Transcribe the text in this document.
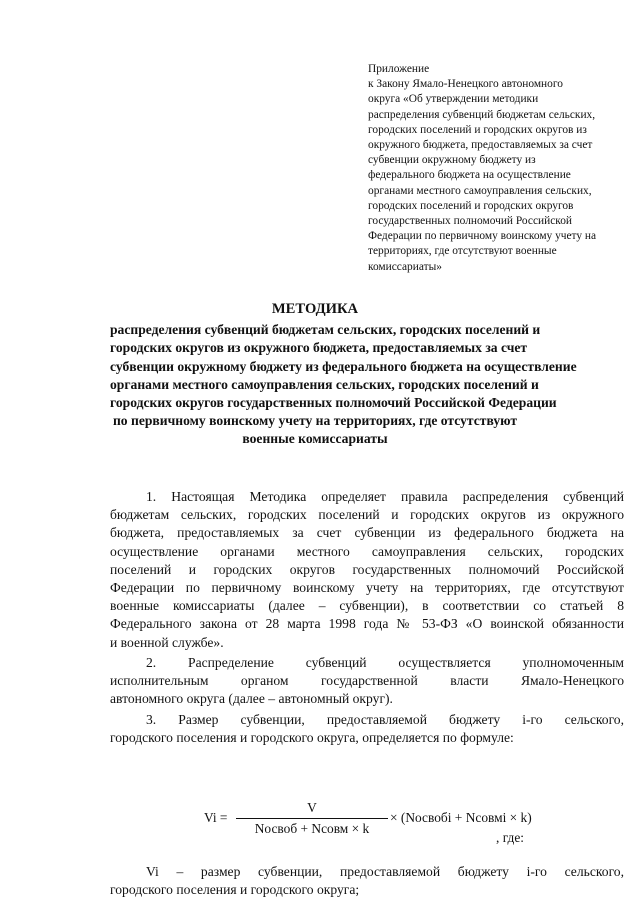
Приложение
к Закону Ямало-Ненецкого автономного
округа «Об утверждении методики
распределения субвенций бюджетам сельских,
городских поселений и городских округов из
окружного бюджета, предоставляемых за счет
субвенции окружному бюджету из
федерального бюджета на осуществление
органами местного самоуправления сельских,
городских поселений и городских округов
государственных полномочий Российской
Федерации по первичному воинскому учету на
территориях, где отсутствуют военные
комиссариаты»
МЕТОДИКА
распределения субвенций бюджетам сельских, городских поселений и
городских округов из окружного бюджета, предоставляемых за счет
субвенции окружному бюджету из федерального бюджета на осуществление
органами местного самоуправления сельских, городских поселений и
городских округов государственных полномочий Российской Федерации
по первичному воинскому учету на территориях, где отсутствуют
военные комиссариаты
1. Настоящая Методика определяет правила распределения субвенций
бюджетам сельских, городских поселений и городских округов из окружного
бюджета, предоставляемых за счет субвенции из федерального бюджета на
осуществление органами местного самоуправления сельских, городских
поселений и городских округов государственных полномочий Российской
Федерации по первичному воинскому учету на территориях, где отсутствуют
военные комиссариаты (далее – субвенции), в соответствии со статьей 8
Федерального закона от 28 марта 1998 года № 53-ФЗ «О воинской обязанности
и военной службе».
2. Распределение субвенций осуществляется уполномоченным
исполнительным органом государственной власти Ямало-Ненецкого
автономного округа (далее – автономный округ).
3. Размер субвенции, предоставляемой бюджету i-го сельского,
городского поселения и городского округа, определяется по формуле:
Vi =
V
Nосвоб + Nсовм × k
× (Nосвобi + Nсовмi × k)
, где:
Vi – размер субвенции, предоставляемой бюджету i-го сельского,
городского поселения и городского округа;
